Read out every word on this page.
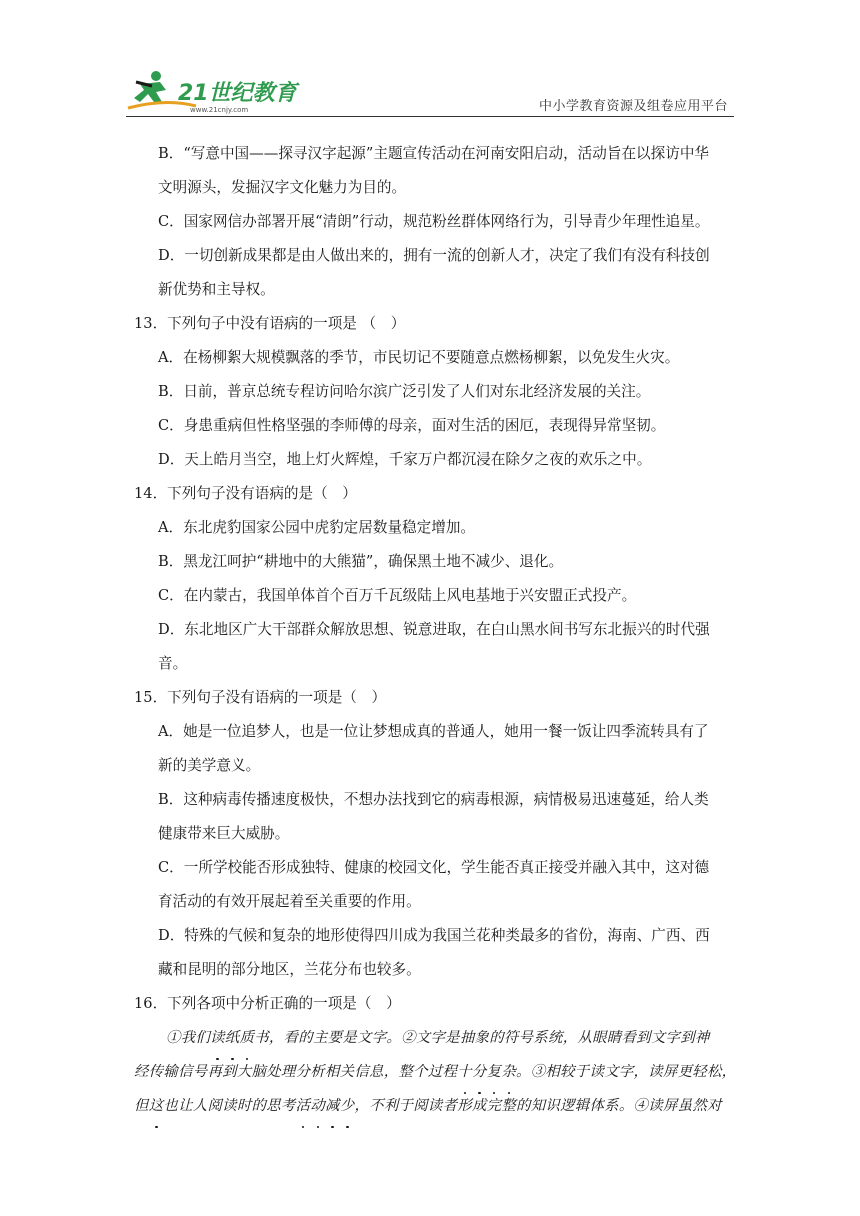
21世纪教育
www.21cnjy.com	中小学教育资源及组卷应用平台
B．“写意中国——探寻汉字起源”主题宣传活动在河南安阳启动，活动旨在以探访中华
文明源头，发掘汉字文化魅力为目的。
C．国家网信办部署开展“清朗”行动，规范粉丝群体网络行为，引导青少年理性追星。
D．一切创新成果都是由人做出来的，拥有一流的创新人才，决定了我们有没有科技创
新优势和主导权。
13．下列句子中没有语病的一项是 （　）
A．在杨柳絮大规模飘落的季节，市民切记不要随意点燃杨柳絮，以免发生火灾。
B．日前，普京总统专程访问哈尔滨广泛引发了人们对东北经济发展的关注。
C．身患重病但性格坚强的李师傅的母亲，面对生活的困厄，表现得异常坚韧。
D．天上皓月当空，地上灯火辉煌，千家万户都沉浸在除夕之夜的欢乐之中。
14．下列句子没有语病的是（　）
A．东北虎豹国家公园中虎豹定居数量稳定增加。
B．黑龙江呵护“耕地中的大熊猫”，确保黑土地不减少、退化。
C．在内蒙古，我国单体首个百万千瓦级陆上风电基地于兴安盟正式投产。
D．东北地区广大干部群众解放思想、锐意进取，在白山黑水间书写东北振兴的时代强
音。
15．下列句子没有语病的一项是（　）
A．她是一位追梦人，也是一位让梦想成真的普通人，她用一餐一饭让四季流转具有了
新的美学意义。
B．这种病毒传播速度极快，不想办法找到它的病毒根源，病情极易迅速蔓延，给人类
健康带来巨大威胁。
C．一所学校能否形成独特、健康的校园文化，学生能否真正接受并融入其中，这对德
育活动的有效开展起着至关重要的作用。
D．特殊的气候和复杂的地形使得四川成为我国兰花种类最多的省份，海南、广西、西
藏和昆明的部分地区，兰花分布也较多。
16．下列各项中分析正确的一项是（　）
①我们读纸质书，看的主要是文字。②文字是抽象的符号系统，从眼睛看到文字到神
经传输信号再到大脑处理分析相关信息，整个过程十分复杂。③相较于读文字，读屏更轻松，
但这也让人阅读时的思考活动减少，不利于阅读者形成完整的知识逻辑体系。④读屏虽然对
